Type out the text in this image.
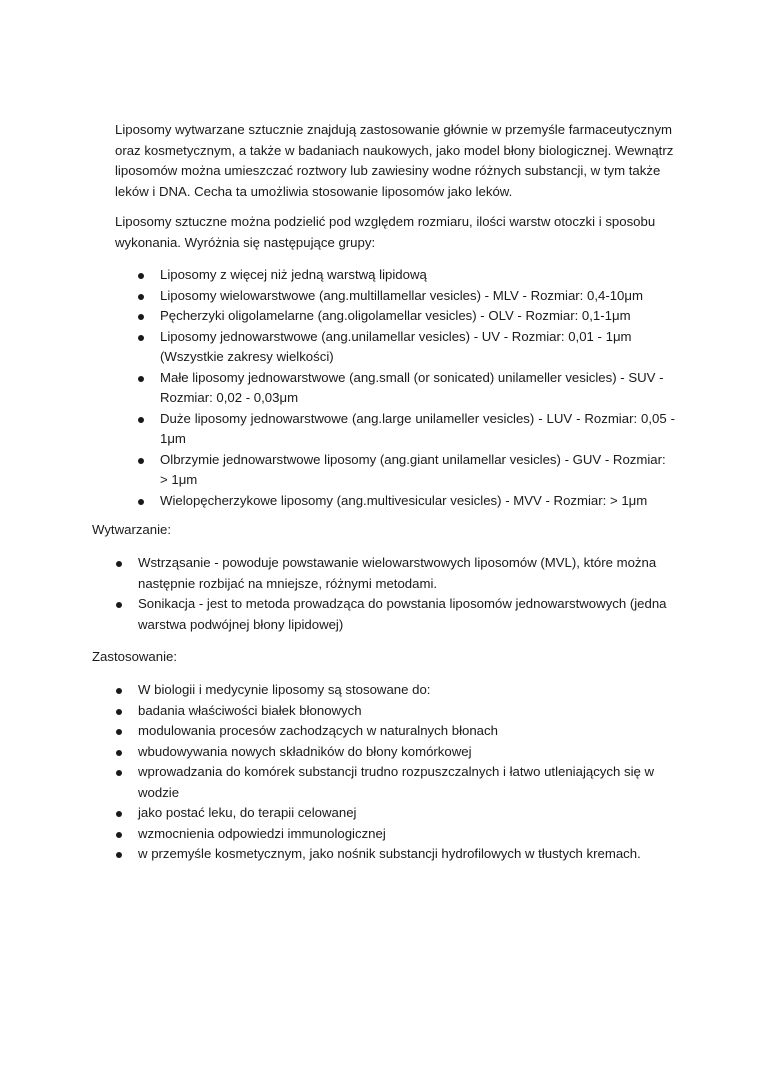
Liposomy wytwarzane sztucznie znajdują zastosowanie głównie w przemyśle farmaceutycznym oraz kosmetycznym, a także w badaniach naukowych, jako model błony biologicznej. Wewnątrz liposomów można umieszczać roztwory lub zawiesiny wodne różnych substancji, w tym także leków i DNA. Cecha ta umożliwia stosowanie liposomów jako leków.

Liposomy sztuczne można podzielić pod względem rozmiaru, ilości warstw otoczki i sposobu wykonania. Wyróżnia się następujące grupy:

Liposomy z więcej niż jedną warstwą lipidową
Liposomy wielowarstwowe (ang.multillamellar vesicles) - MLV - Rozmiar: 0,4-10μm
Pęcherzyki oligolamelarne (ang.oligolamellar vesicles) - OLV - Rozmiar: 0,1-1μm
Liposomy jednowarstwowe (ang.unilamellar vesicles) - UV - Rozmiar: 0,01 - 1μm (Wszystkie zakresy wielkości)
Małe liposomy jednowarstwowe (ang.small (or sonicated) unilameller vesicles) - SUV - Rozmiar: 0,02 - 0,03μm
Duże liposomy jednowarstwowe (ang.large unilameller vesicles) - LUV - Rozmiar: 0,05 - 1μm
Olbrzymie jednowarstwowe liposomy (ang.giant unilamellar vesicles) - GUV - Rozmiar: > 1μm
Wielopęcherzykowe liposomy (ang.multivesicular vesicles) - MVV - Rozmiar: > 1μm

Wytwarzanie:

Wstrząsanie - powoduje powstawanie wielowarstwowych liposomów (MVL), które można następnie rozbijać na mniejsze, różnymi metodami.
Sonikacja - jest to metoda prowadząca do powstania liposomów jednowarstwowych (jedna warstwa podwójnej błony lipidowej)

Zastosowanie:

W biologii i medycynie liposomy są stosowane do:
badania właściwości białek błonowych
modulowania procesów zachodzących w naturalnych błonach
wbudowywania nowych składników do błony komórkowej
wprowadzania do komórek substancji trudno rozpuszczalnych i łatwo utleniających się w wodzie
jako postać leku, do terapii celowanej
wzmocnienia odpowiedzi immunologicznej
w przemyśle kosmetycznym, jako nośnik substancji hydrofilowych w tłustych kremach.
